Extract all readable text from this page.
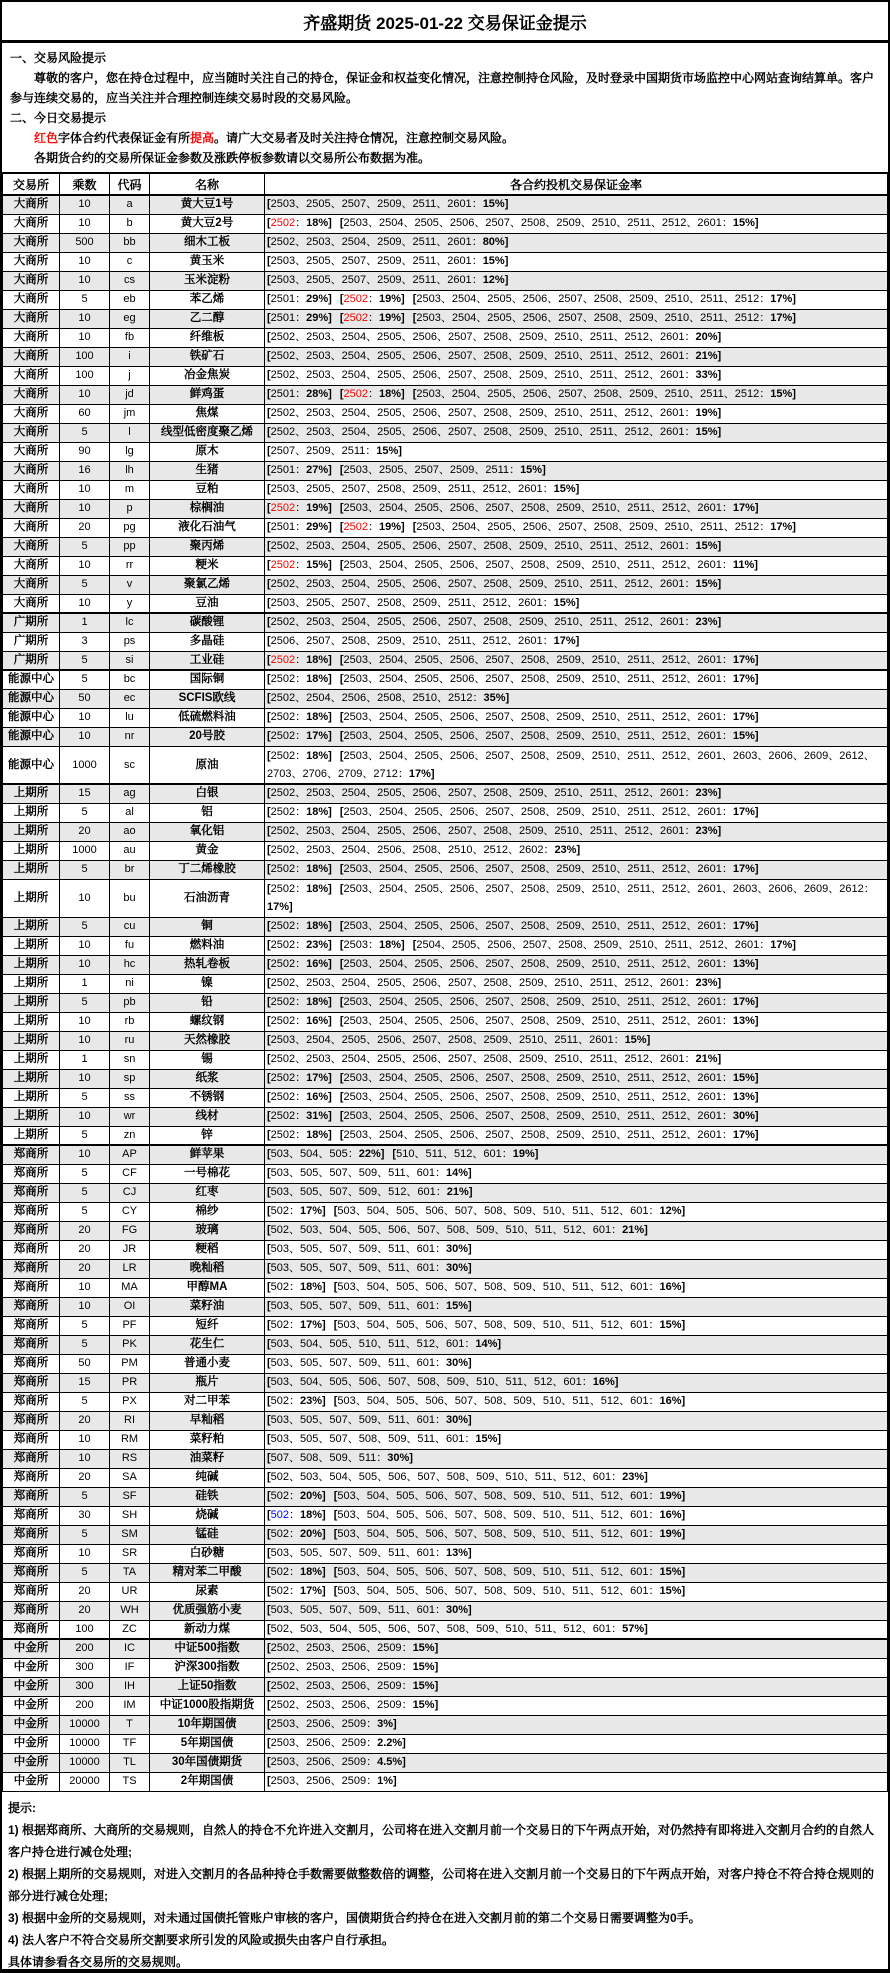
齐盛期货 2025-01-22 交易保证金提示
一、交易风险提示
尊敬的客户，您在持仓过程中，应当随时关注自己的持仓，保证金和权益变化情况，注意控制持仓风险，及时登录中国期货市场监控中心网站查询结算单。客户参与连续交易的，应当关注并合理控制连续交易时段的交易风险。
二、今日交易提示
红色字体合约代表保证金有所提高。请广大交易者及时关注持仓情况，注意控制交易风险。
各期货合约的交易所保证金参数及涨跌停板参数请以交易所公布数据为准。
交易所	乘数	代码	名称	各合约投机交易保证金率
大商所	10	a	黄大豆1号	[2503、2505、2507、2509、2511、2601：15%]
大商所	10	b	黄大豆2号	[2502：18%] [2503、2504、2505、2506、2507、2508、2509、2510、2511、2512、2601：15%]
大商所	500	bb	细木工板	[2502、2503、2504、2509、2511、2601：80%]
大商所	10	c	黄玉米	[2503、2505、2507、2509、2511、2601：15%]
大商所	10	cs	玉米淀粉	[2503、2505、2507、2509、2511、2601：12%]
大商所	5	eb	苯乙烯	[2501：29%] [2502：19%] [2503、2504、2505、2506、2507、2508、2509、2510、2511、2512：17%]
大商所	10	eg	乙二醇	[2501：29%] [2502：19%] [2503、2504、2505、2506、2507、2508、2509、2510、2511、2512：17%]
大商所	10	fb	纤维板	[2502、2503、2504、2505、2506、2507、2508、2509、2510、2511、2512、2601：20%]
大商所	100	i	铁矿石	[2502、2503、2504、2505、2506、2507、2508、2509、2510、2511、2512、2601：21%]
大商所	100	j	冶金焦炭	[2502、2503、2504、2505、2506、2507、2508、2509、2510、2511、2512、2601：33%]
大商所	10	jd	鲜鸡蛋	[2501：28%] [2502：18%] [2503、2504、2505、2506、2507、2508、2509、2510、2511、2512：15%]
大商所	60	jm	焦煤	[2502、2503、2504、2505、2506、2507、2508、2509、2510、2511、2512、2601：19%]
大商所	5	l	线型低密度聚乙烯	[2502、2503、2504、2505、2506、2507、2508、2509、2510、2511、2512、2601：15%]
大商所	90	lg	原木	[2507、2509、2511：15%]
大商所	16	lh	生猪	[2501：27%] [2503、2505、2507、2509、2511：15%]
大商所	10	m	豆粕	[2503、2505、2507、2508、2509、2511、2512、2601：15%]
大商所	10	p	棕榈油	[2502：19%] [2503、2504、2505、2506、2507、2508、2509、2510、2511、2512、2601：17%]
大商所	20	pg	液化石油气	[2501：29%] [2502：19%] [2503、2504、2505、2506、2507、2508、2509、2510、2511、2512：17%]
大商所	5	pp	聚丙烯	[2502、2503、2504、2505、2506、2507、2508、2509、2510、2511、2512、2601：15%]
大商所	10	rr	粳米	[2502：15%] [2503、2504、2505、2506、2507、2508、2509、2510、2511、2512、2601：11%]
大商所	5	v	聚氯乙烯	[2502、2503、2504、2505、2506、2507、2508、2509、2510、2511、2512、2601：15%]
大商所	10	y	豆油	[2503、2505、2507、2508、2509、2511、2512、2601：15%]
广期所	1	lc	碳酸锂	[2502、2503、2504、2505、2506、2507、2508、2509、2510、2511、2512、2601：23%]
广期所	3	ps	多晶硅	[2506、2507、2508、2509、2510、2511、2512、2601：17%]
广期所	5	si	工业硅	[2502：18%] [2503、2504、2505、2506、2507、2508、2509、2510、2511、2512、2601：17%]
能源中心	5	bc	国际铜	[2502：18%] [2503、2504、2505、2506、2507、2508、2509、2510、2511、2512、2601：17%]
能源中心	50	ec	SCFIS欧线	[2502、2504、2506、2508、2510、2512：35%]
能源中心	10	lu	低硫燃料油	[2502：18%] [2503、2504、2505、2506、2507、2508、2509、2510、2511、2512、2601：17%]
能源中心	10	nr	20号胶	[2502：17%] [2503、2504、2505、2506、2507、2508、2509、2510、2511、2512、2601：15%]
能源中心	1000	sc	原油	[2502：18%] [2503、2504、2505、2506、2507、2508、2509、2510、2511、2512、2601、2603、2606、2609、2612、2703、2706、2709、2712：17%]
上期所	15	ag	白银	[2502、2503、2504、2505、2506、2507、2508、2509、2510、2511、2512、2601：23%]
上期所	5	al	铝	[2502：18%] [2503、2504、2505、2506、2507、2508、2509、2510、2511、2512、2601：17%]
上期所	20	ao	氧化铝	[2502、2503、2504、2505、2506、2507、2508、2509、2510、2511、2512、2601：23%]
上期所	1000	au	黄金	[2502、2503、2504、2506、2508、2510、2512、2602：23%]
上期所	5	br	丁二烯橡胶	[2502：18%] [2503、2504、2505、2506、2507、2508、2509、2510、2511、2512、2601：17%]
上期所	10	bu	石油沥青	[2502：18%] [2503、2504、2505、2506、2507、2508、2509、2510、2511、2512、2601、2603、2606、2609、2612：17%]
上期所	5	cu	铜	[2502：18%] [2503、2504、2505、2506、2507、2508、2509、2510、2511、2512、2601：17%]
上期所	10	fu	燃料油	[2502：23%] [2503：18%] [2504、2505、2506、2507、2508、2509、2510、2511、2512、2601：17%]
上期所	10	hc	热轧卷板	[2502：16%] [2503、2504、2505、2506、2507、2508、2509、2510、2511、2512、2601：13%]
上期所	1	ni	镍	[2502、2503、2504、2505、2506、2507、2508、2509、2510、2511、2512、2601：23%]
上期所	5	pb	铅	[2502：18%] [2503、2504、2505、2506、2507、2508、2509、2510、2511、2512、2601：17%]
上期所	10	rb	螺纹钢	[2502：16%] [2503、2504、2505、2506、2507、2508、2509、2510、2511、2512、2601：13%]
上期所	10	ru	天然橡胶	[2503、2504、2505、2506、2507、2508、2509、2510、2511、2601：15%]
上期所	1	sn	锡	[2502、2503、2504、2505、2506、2507、2508、2509、2510、2511、2512、2601：21%]
上期所	10	sp	纸浆	[2502：17%] [2503、2504、2505、2506、2507、2508、2509、2510、2511、2512、2601：15%]
上期所	5	ss	不锈钢	[2502：16%] [2503、2504、2505、2506、2507、2508、2509、2510、2511、2512、2601：13%]
上期所	10	wr	线材	[2502：31%] [2503、2504、2505、2506、2507、2508、2509、2510、2511、2512、2601：30%]
上期所	5	zn	锌	[2502：18%] [2503、2504、2505、2506、2507、2508、2509、2510、2511、2512、2601：17%]
郑商所	10	AP	鲜苹果	[503、504、505：22%] [510、511、512、601：19%]
郑商所	5	CF	一号棉花	[503、505、507、509、511、601：14%]
郑商所	5	CJ	红枣	[503、505、507、509、512、601：21%]
郑商所	5	CY	棉纱	[502：17%] [503、504、505、506、507、508、509、510、511、512、601：12%]
郑商所	20	FG	玻璃	[502、503、504、505、506、507、508、509、510、511、512、601：21%]
郑商所	20	JR	粳稻	[503、505、507、509、511、601：30%]
郑商所	20	LR	晚籼稻	[503、505、507、509、511、601：30%]
郑商所	10	MA	甲醇MA	[502：18%] [503、504、505、506、507、508、509、510、511、512、601：16%]
郑商所	10	OI	菜籽油	[503、505、507、509、511、601：15%]
郑商所	5	PF	短纤	[502：17%] [503、504、505、506、507、508、509、510、511、512、601：15%]
郑商所	5	PK	花生仁	[503、504、505、510、511、512、601：14%]
郑商所	50	PM	普通小麦	[503、505、507、509、511、601：30%]
郑商所	15	PR	瓶片	[503、504、505、506、507、508、509、510、511、512、601：16%]
郑商所	5	PX	对二甲苯	[502：23%] [503、504、505、506、507、508、509、510、511、512、601：16%]
郑商所	20	RI	早籼稻	[503、505、507、509、511、601：30%]
郑商所	10	RM	菜籽粕	[503、505、507、508、509、511、601：15%]
郑商所	10	RS	油菜籽	[507、508、509、511：30%]
郑商所	20	SA	纯碱	[502、503、504、505、506、507、508、509、510、511、512、601：23%]
郑商所	5	SF	硅铁	[502：20%] [503、504、505、506、507、508、509、510、511、512、601：19%]
郑商所	30	SH	烧碱	[502：18%] [503、504、505、506、507、508、509、510、511、512、601：16%]
郑商所	5	SM	锰硅	[502：20%] [503、504、505、506、507、508、509、510、511、512、601：19%]
郑商所	10	SR	白砂糖	[503、505、507、509、511、601：13%]
郑商所	5	TA	精对苯二甲酸	[502：18%] [503、504、505、506、507、508、509、510、511、512、601：15%]
郑商所	20	UR	尿素	[502：17%] [503、504、505、506、507、508、509、510、511、512、601：15%]
郑商所	20	WH	优质强筋小麦	[503、505、507、509、511、601：30%]
郑商所	100	ZC	新动力煤	[502、503、504、505、506、507、508、509、510、511、512、601：57%]
中金所	200	IC	中证500指数	[2502、2503、2506、2509：15%]
中金所	300	IF	沪深300指数	[2502、2503、2506、2509：15%]
中金所	300	IH	上证50指数	[2502、2503、2506、2509：15%]
中金所	200	IM	中证1000股指期货	[2502、2503、2506、2509：15%]
中金所	10000	T	10年期国债	[2503、2506、2509：3%]
中金所	10000	TF	5年期国债	[2503、2506、2509：2.2%]
中金所	10000	TL	30年国债期货	[2503、2506、2509：4.5%]
中金所	20000	TS	2年期国债	[2503、2506、2509：1%]
提示:
1) 根据郑商所、大商所的交易规则，自然人的持仓不允许进入交割月，公司将在进入交割月前一个交易日的下午两点开始，对仍然持有即将进入交割月合约的自然人客户持仓进行减仓处理;
2) 根据上期所的交易规则，对进入交割月的各品种持仓手数需要做整数倍的调整，公司将在进入交割月前一个交易日的下午两点开始，对客户持仓不符合持仓规则的部分进行减仓处理;
3) 根据中金所的交易规则，对未通过国债托管账户审核的客户，国债期货合约持仓在进入交割月前的第二个交易日需要调整为0手。
4) 法人客户不符合交易所交割要求所引发的风险或损失由客户自行承担。
具体请参看各交易所的交易规则。
